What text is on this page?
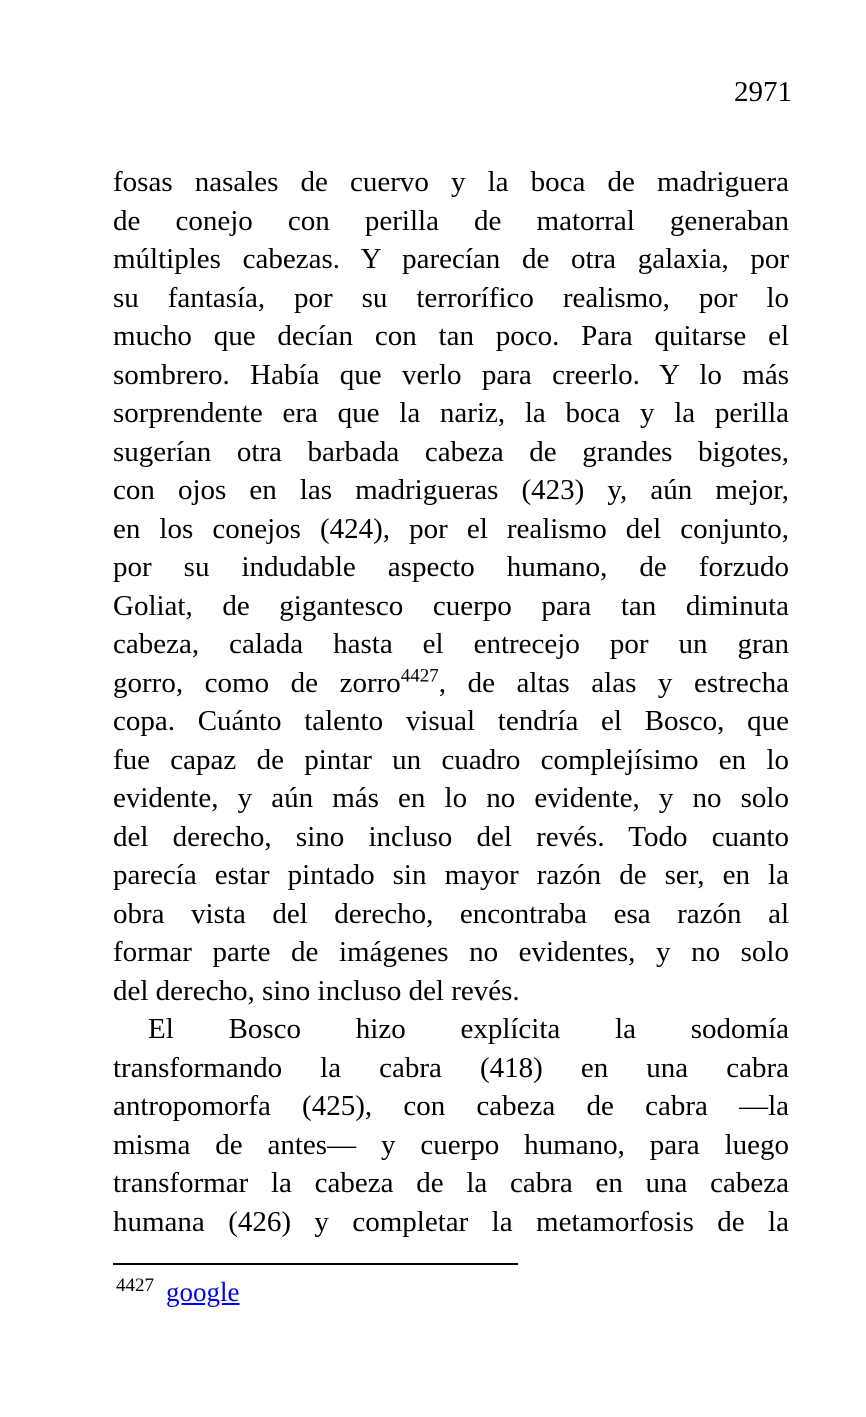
2971
fosas nasales de cuervo y la boca de madriguera
de conejo con perilla de matorral generaban
múltiples cabezas. Y parecían de otra galaxia, por
su fantasía, por su terrorífico realismo, por lo
mucho que decían con tan poco. Para quitarse el
sombrero. Había que verlo para creerlo. Y lo más
sorprendente era que la nariz, la boca y la perilla
sugerían otra barbada cabeza de grandes bigotes,
con ojos en las madrigueras (423) y, aún mejor,
en los conejos (424), por el realismo del conjunto,
por su indudable aspecto humano, de forzudo
Goliat, de gigantesco cuerpo para tan diminuta
cabeza, calada hasta el entrecejo por un gran
gorro, como de zorro$^{4427}$, de altas alas y estrecha
copa. Cuánto talento visual tendría el Bosco, que
fue capaz de pintar un cuadro complejísimo en lo
evidente, y aún más en lo no evidente, y no solo
del derecho, sino incluso del revés. Todo cuanto
parecía estar pintado sin mayor razón de ser, en la
obra vista del derecho, encontraba esa razón al
formar parte de imágenes no evidentes, y no solo
del derecho, sino incluso del revés.
El Bosco hizo explícita la sodomía
transformando la cabra (418) en una cabra
antropomorfa (425), con cabeza de cabra —la
misma de antes— y cuerpo humano, para luego
transformar la cabeza de la cabra en una cabeza
humana (426) y completar la metamorfosis de la
$^{4427}$ google
